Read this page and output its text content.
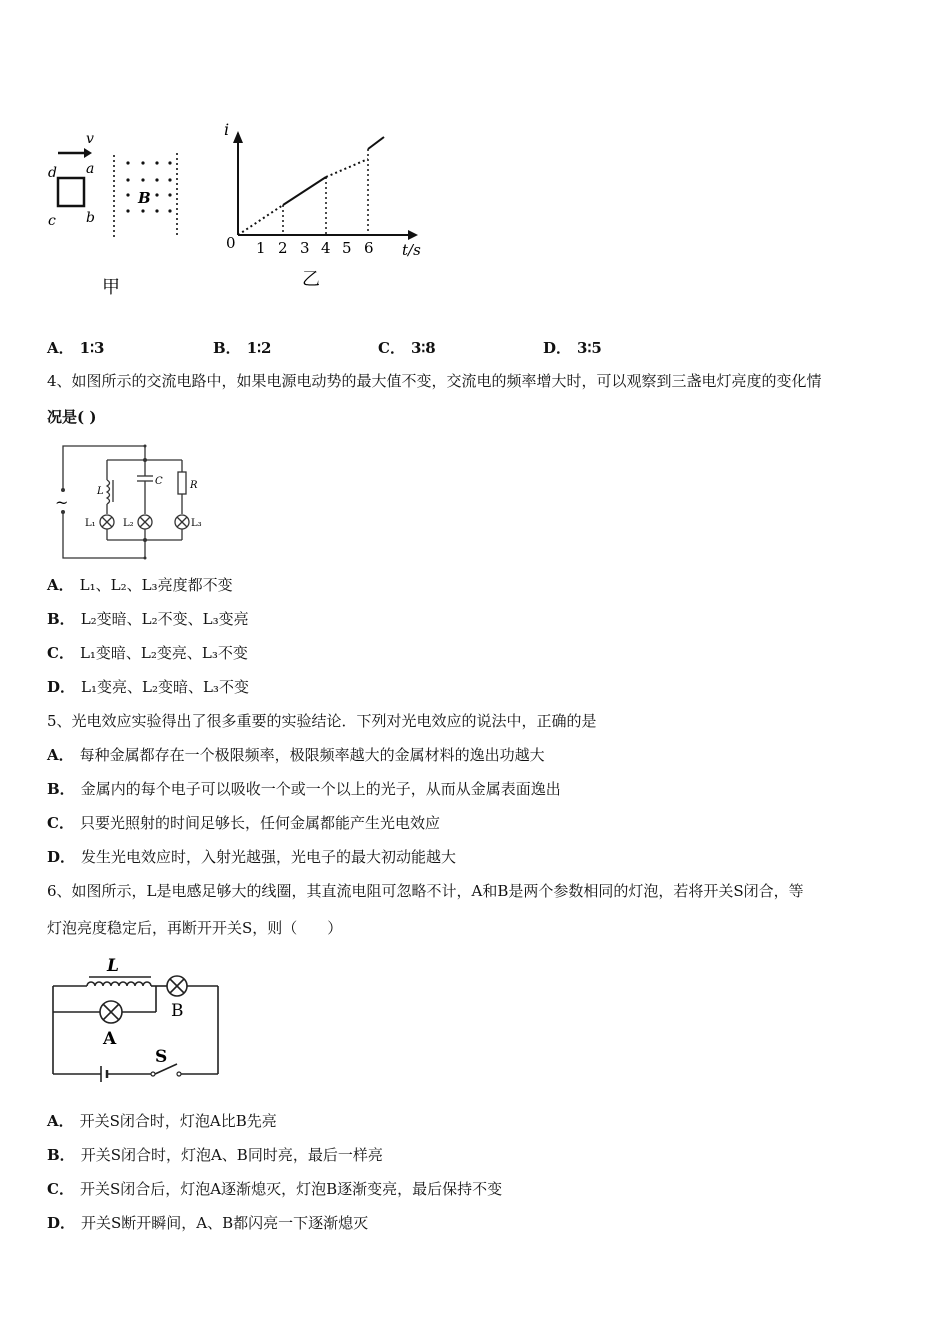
v
d a
c b
B
甲
i
t/s
0 1 2 3 4 5 6
乙
A． 1∶3	B． 1∶2	C． 3∶8	D． 3∶5
4、如图所示的交流电路中，如果电源电动势的最大值不变，交流电的频率增大时，可以观察到三盏电灯亮度的变化情
况是( )
~
L
C	R
L₁	L₂	L₃
A． L₁、L₂、L₃亮度都不变
B． L₂变暗、L₂不变、L₃变亮
C． L₁变暗、L₂变亮、L₃不变
D． L₁变亮、L₂变暗、L₃不变
5、光电效应实验得出了很多重要的实验结论．下列对光电效应的说法中，正确的是
A． 每种金属都存在一个极限频率，极限频率越大的金属材料的逸出功越大
B． 金属内的每个电子可以吸收一个或一个以上的光子，从而从金属表面逸出
C． 只要光照射的时间足够长，任何金属都能产生光电效应
D． 发生光电效应时，入射光越强，光电子的最大初动能越大
6、如图所示，L是电感足够大的线圈，其直流电阻可忽略不计，A和B是两个参数相同的灯泡，若将开关S闭合，等
灯泡亮度稳定后，再断开开关S，则（　　）
L
B
A
S
A． 开关S闭合时，灯泡A比B先亮
B． 开关S闭合时，灯泡A、B同时亮，最后一样亮
C． 开关S闭合后，灯泡A逐渐熄灭，灯泡B逐渐变亮，最后保持不变
D． 开关S断开瞬间，A、B都闪亮一下逐渐熄灭
